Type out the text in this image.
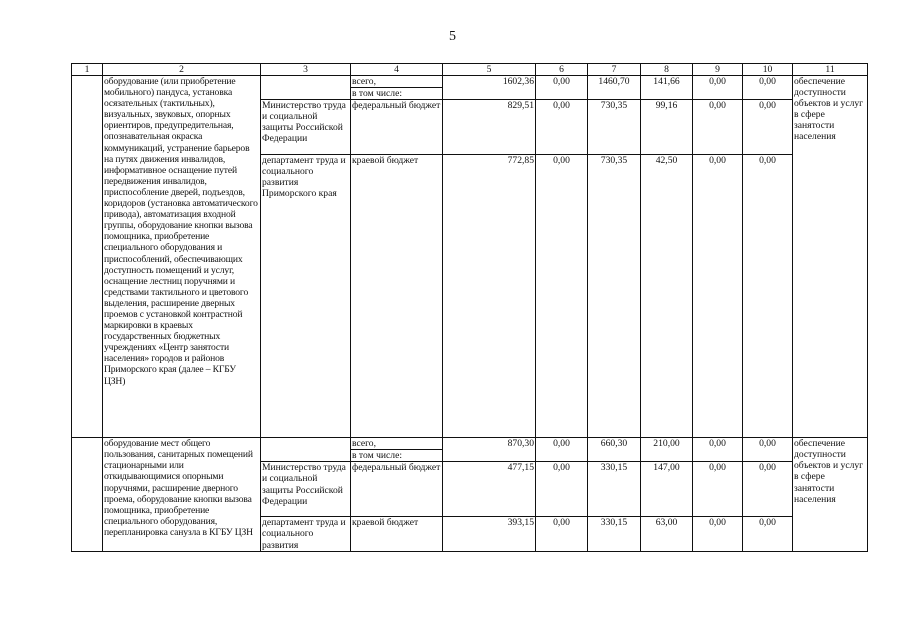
5
1	2	3	4	5	6	7	8	9	10	11
	оборудование (или приобретение мобильного) пандуса, установка осязательных (тактильных), визуальных, звуковых, опорных ориентиров, предупредительная, опознавательная окраска коммуникаций, устранение барьеров на путях движения инвалидов, информативное оснащение путей передвижения инвалидов, приспособление дверей, подъездов, коридоров (установка автоматического привода), автоматизация входной группы, оборудование кнопки вызова помощника, приобретение специального оборудования и приспособлений, обеспечивающих доступность помещений и услуг, оснащение лестниц поручнями и средствами тактильного и цветового выделения, расширение дверных проемов с установкой контрастной маркировки в краевых государственных бюджетных учреждениях «Центр занятости населения» городов и районов Приморского края (далее – КГБУ ЦЗН)		всего,	1602,36	0,00	1460,70	141,66	0,00	0,00	обеспечение доступности объектов и услуг в сфере занятости населения
			в том числе:							
		Министерство труда и социальной защиты Российской Федерации	федеральный бюджет	829,51	0,00	730,35	99,16	0,00	0,00	
		департамент труда и социального развития Приморского края	краевой бюджет	772,85	0,00	730,35	42,50	0,00	0,00	
	оборудование мест общего пользования, санитарных помещений стационарными или откидывающимися опорными поручнями, расширение дверного проема, оборудование кнопки вызова помощника, приобретение специального оборудования, перепланировка санузла в КГБУ ЦЗН		всего,	870,30	0,00	660,30	210,00	0,00	0,00	обеспечение доступности объектов и услуг в сфере занятости населения
			в том числе:							
		Министерство труда и социальной защиты Российской Федерации	федеральный бюджет	477,15	0,00	330,15	147,00	0,00	0,00	
		департамент труда и социального развития	краевой бюджет	393,15	0,00	330,15	63,00	0,00	0,00	
